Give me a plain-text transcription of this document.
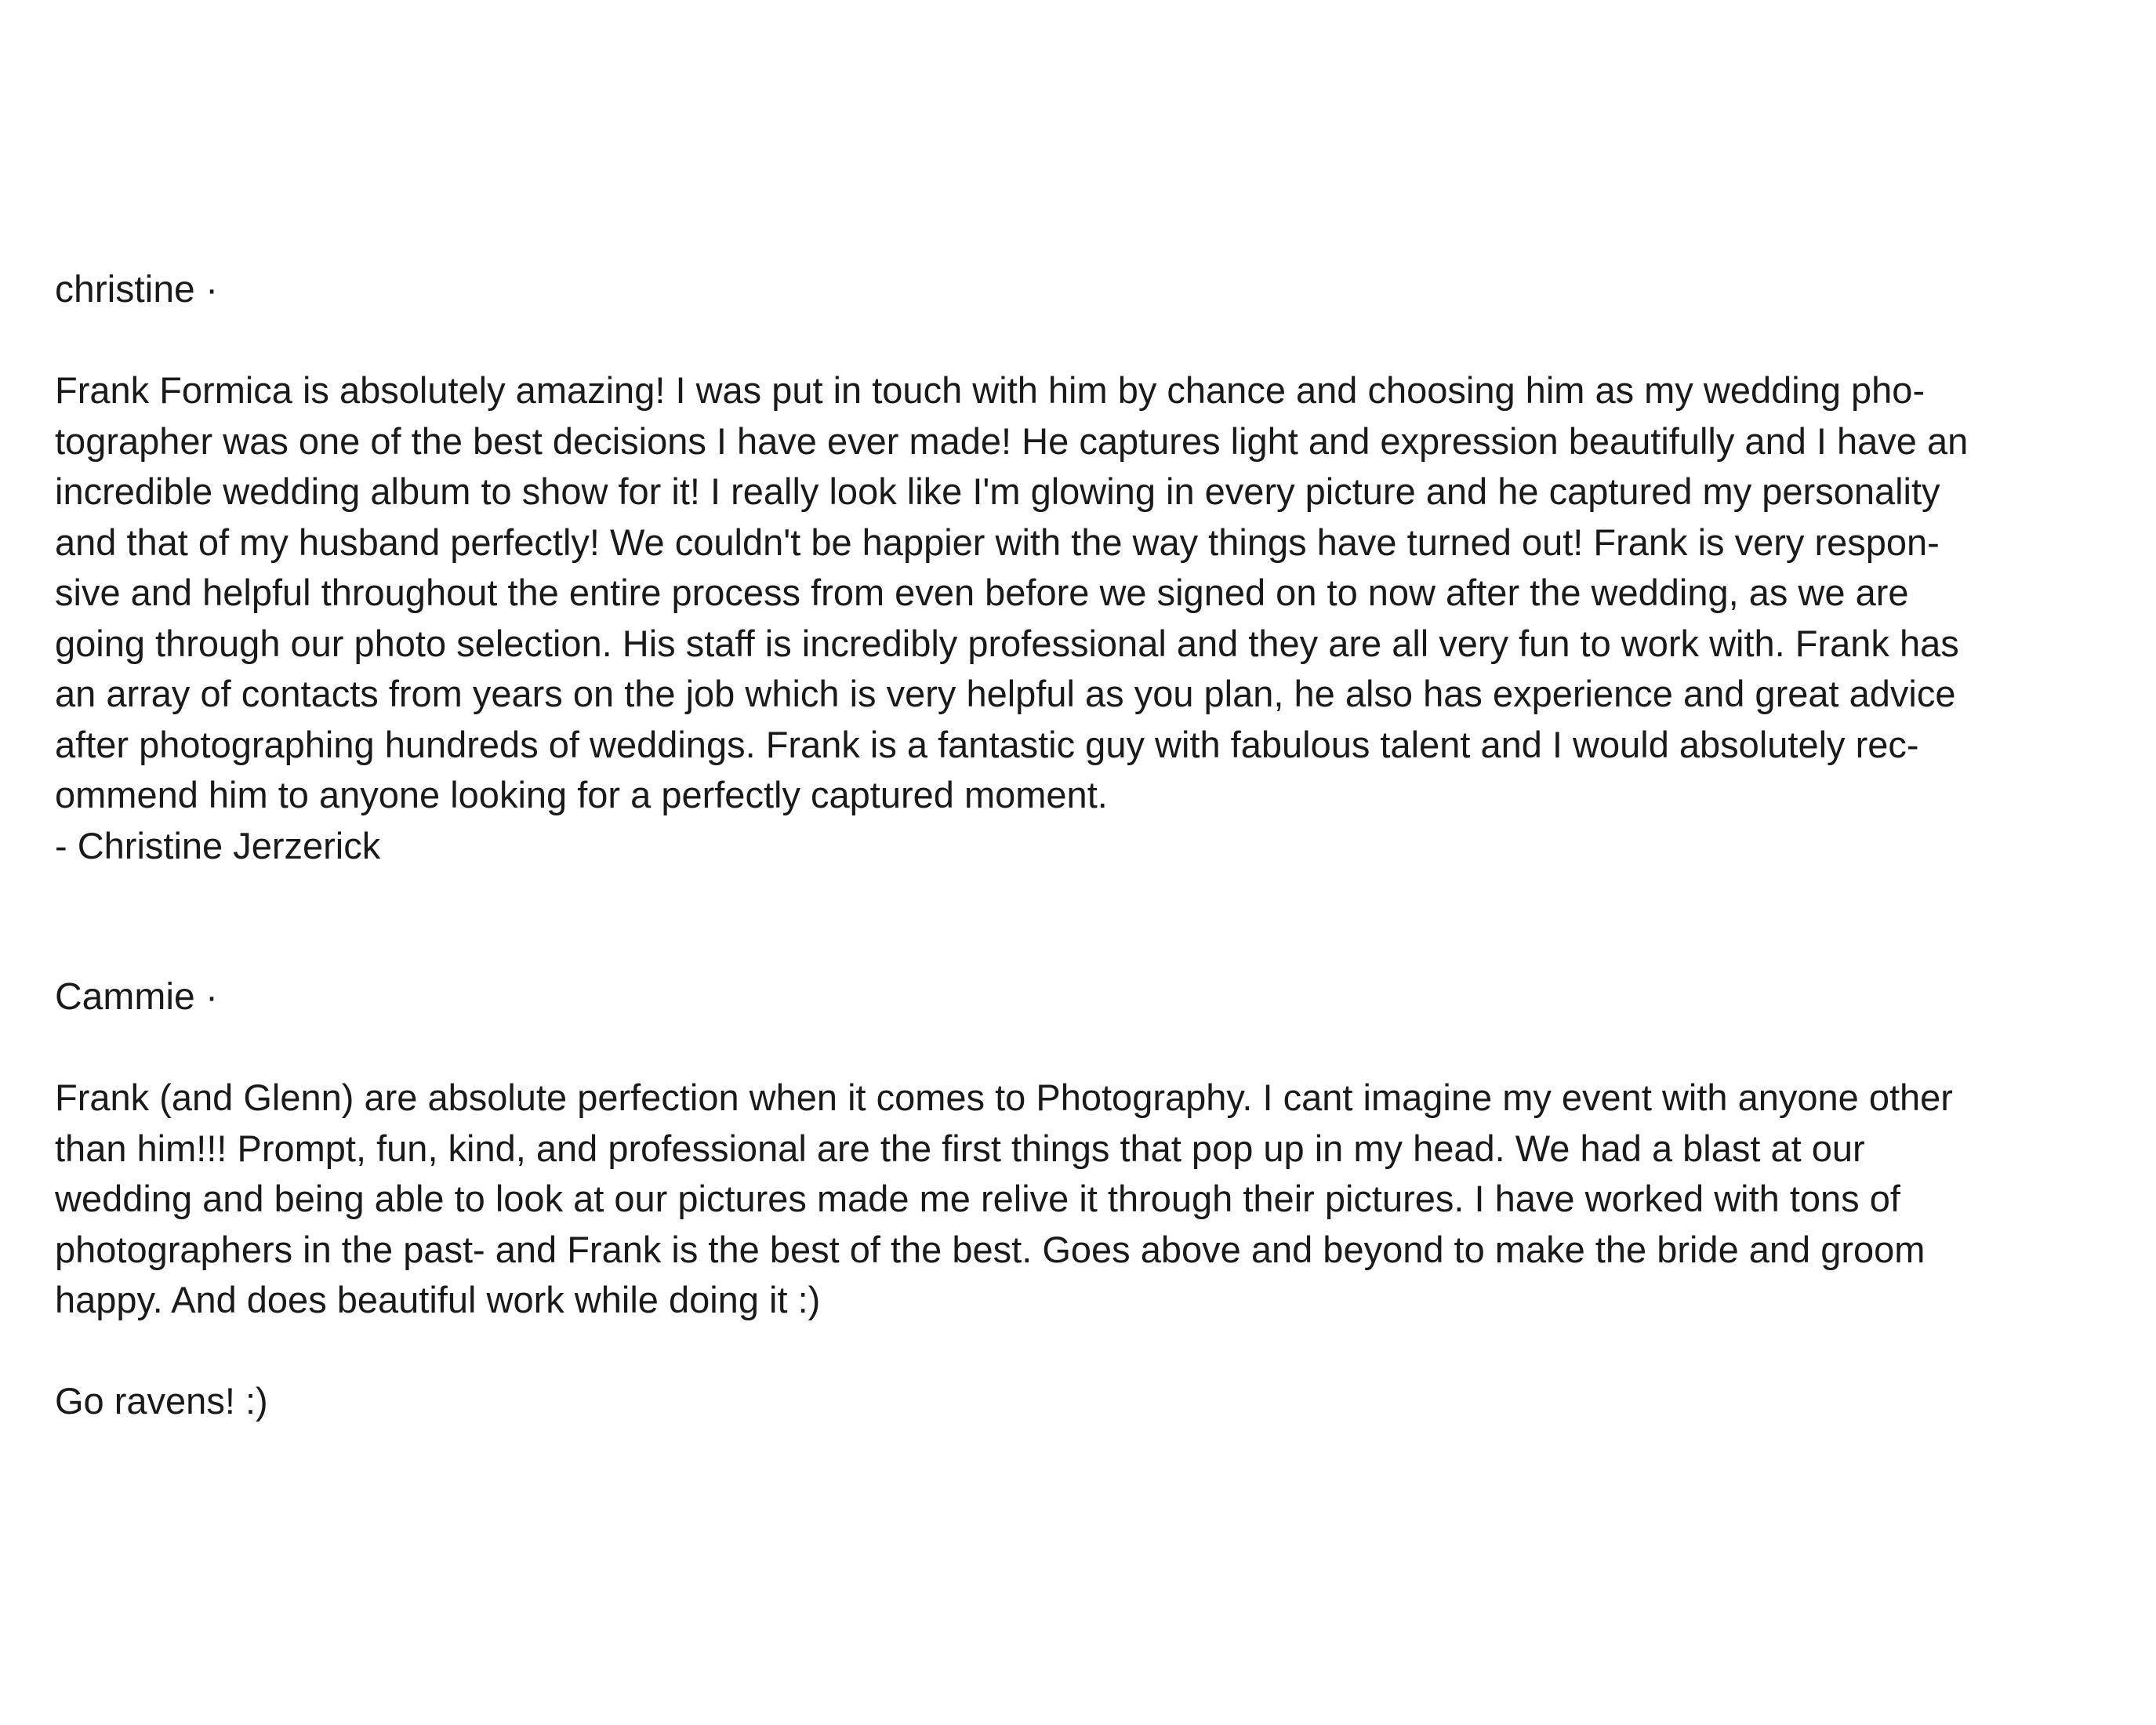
christine ·

Frank Formica is absolutely amazing! I was put in touch with him by chance and choosing him as my wedding pho-
tographer was one of the best decisions I have ever made! He captures light and expression beautifully and I have an
incredible wedding album to show for it! I really look like I'm glowing in every picture and he captured my personality
and that of my husband perfectly! We couldn't be happier with the way things have turned out! Frank is very respon-
sive and helpful throughout the entire process from even before we signed on to now after the wedding, as we are
going through our photo selection. His staff is incredibly professional and they are all very fun to work with. Frank has
an array of contacts from years on the job which is very helpful as you plan, he also has experience and great advice
after photographing hundreds of weddings. Frank is a fantastic guy with fabulous talent and I would absolutely rec-
ommend him to anyone looking for a perfectly captured moment.
- Christine Jerzerick

Cammie ·

Frank (and Glenn) are absolute perfection when it comes to Photography. I cant imagine my event with anyone other
than him!!! Prompt, fun, kind, and professional are the first things that pop up in my head. We had a blast at our
wedding and being able to look at our pictures made me relive it through their pictures. I have worked with tons of
photographers in the past- and Frank is the best of the best. Goes above and beyond to make the bride and groom
happy. And does beautiful work while doing it :)
Go ravens! :)
